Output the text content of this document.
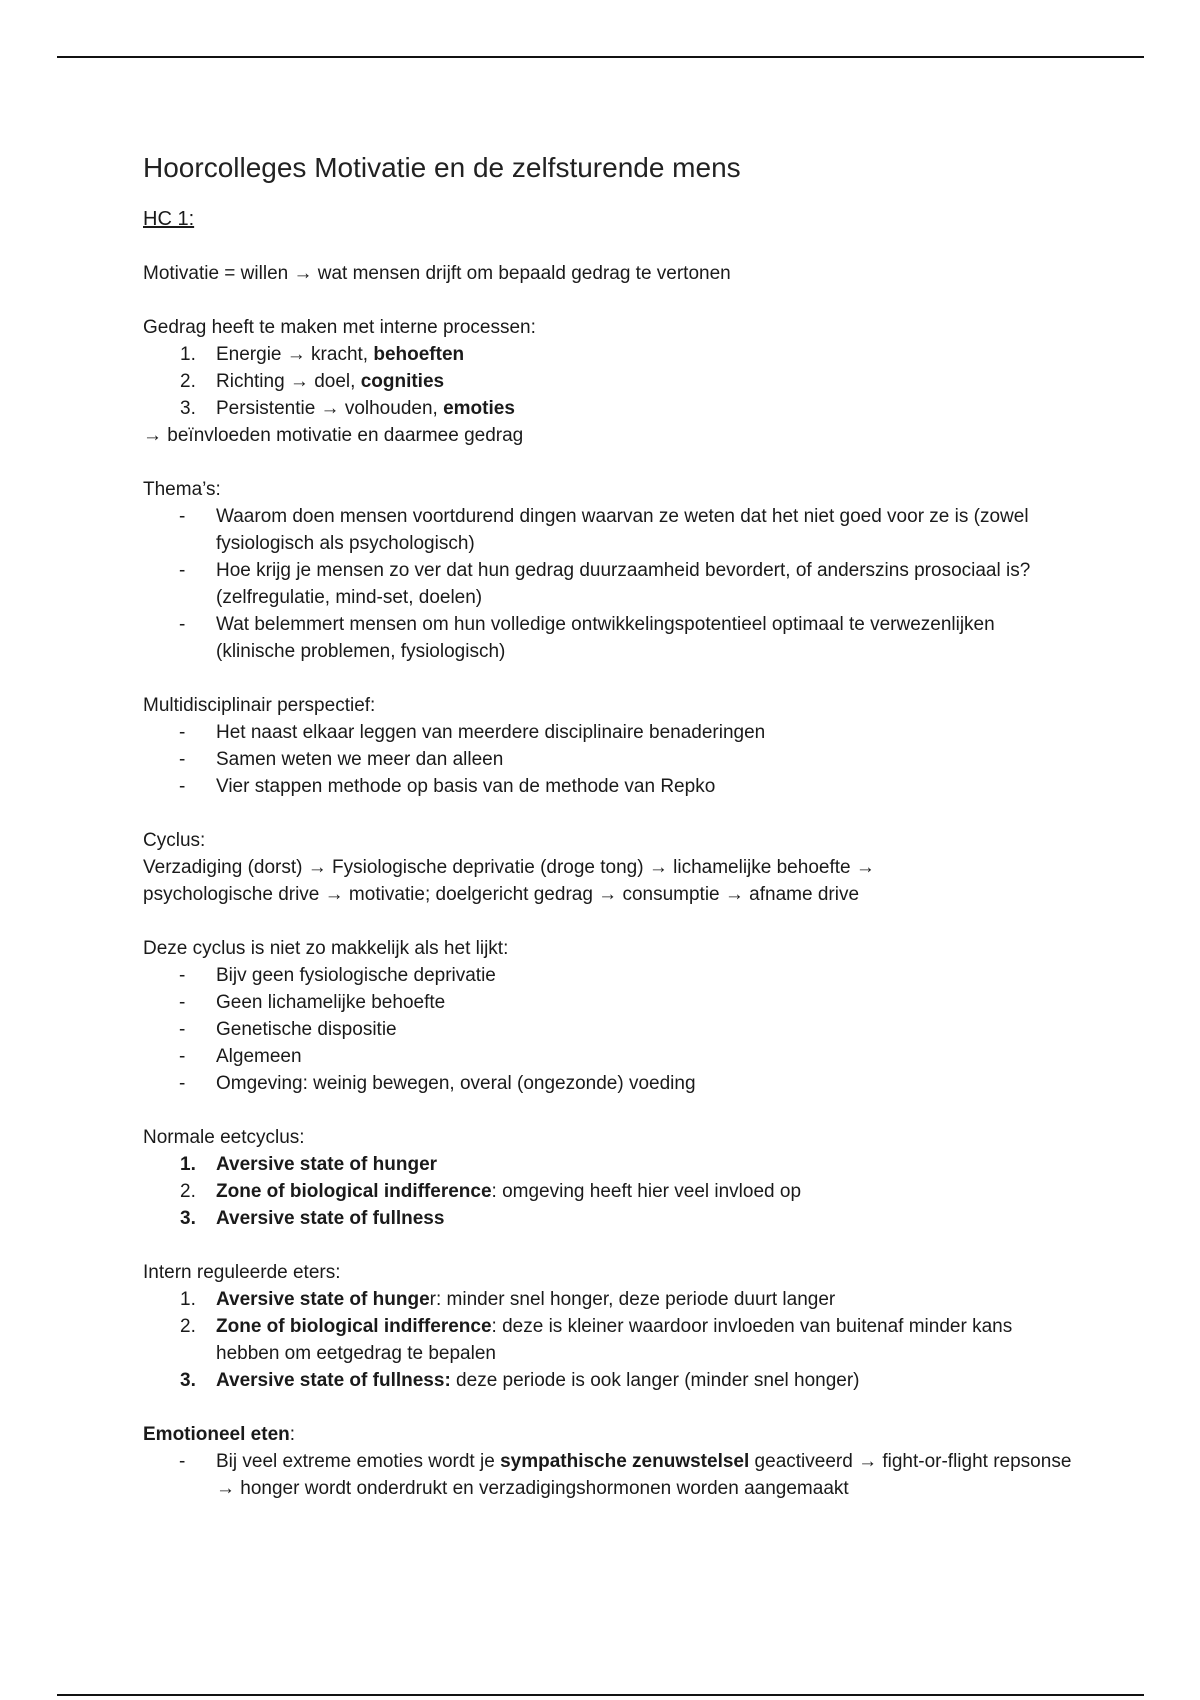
Hoorcolleges Motivatie en de zelfsturende mens
HC 1:

Motivatie = willen → wat mensen drijft om bepaald gedrag te vertonen

Gedrag heeft te maken met interne processen:

1. Energie → kracht, behoeften
2. Richting → doel, cognities
3. Persistentie → volhouden, emoties

→ beïnvloeden motivatie en daarmee gedrag

Thema’s:

- Waarom doen mensen voortdurend dingen waarvan ze weten dat het niet goed voor ze is (zowel fysiologisch als psychologisch)
- Hoe krijg je mensen zo ver dat hun gedrag duurzaamheid bevordert, of anderszins prosociaal is? (zelfregulatie, mind-set, doelen)
- Wat belemmert mensen om hun volledige ontwikkelingspotentieel optimaal te verwezenlijken (klinische problemen, fysiologisch)

Multidisciplinair perspectief:

- Het naast elkaar leggen van meerdere disciplinaire benaderingen
- Samen weten we meer dan alleen
- Vier stappen methode op basis van de methode van Repko

Cyclus:

Verzadiging (dorst) → Fysiologische deprivatie (droge tong) → lichamelijke behoefte →

psychologische drive → motivatie; doelgericht gedrag → consumptie → afname drive

Deze cyclus is niet zo makkelijk als het lijkt:

- Bijv geen fysiologische deprivatie
- Geen lichamelijke behoefte
- Genetische dispositie
- Algemeen
- Omgeving: weinig bewegen, overal (ongezonde) voeding

Normale eetcyclus:

1. Aversive state of hunger
2. Zone of biological indifference: omgeving heeft hier veel invloed op
3. Aversive state of fullness

Intern reguleerde eters:

1. Aversive state of hunger: minder snel honger, deze periode duurt langer
2. Zone of biological indifference: deze is kleiner waardoor invloeden van buitenaf minder kans hebben om eetgedrag te bepalen
3. Aversive state of fullness: deze periode is ook langer (minder snel honger)

Emotioneel eten:

- Bij veel extreme emoties wordt je sympathische zenuwstelsel geactiveerd → fight-or-flight repsonse → honger wordt onderdrukt en verzadigingshormonen worden aangemaakt
